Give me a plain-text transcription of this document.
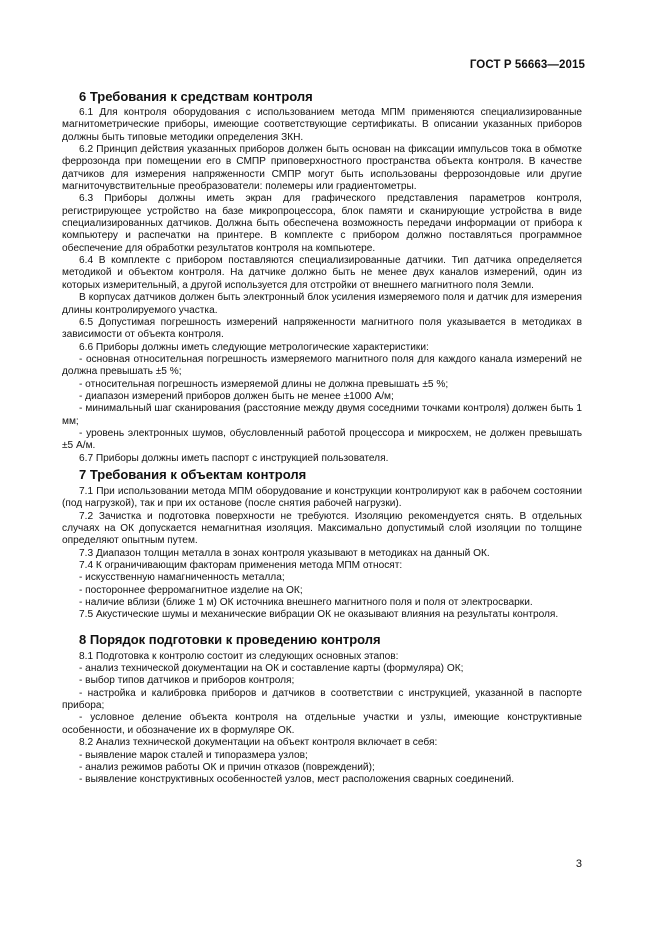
ГОСТ Р 56663—2015
6 Требования к средствам контроля

6.1 Для контроля оборудования с использованием метода МПМ применяются специализированные магнитометрические приборы, имеющие соответствующие сертификаты. В описании указанных приборов должны быть типовые методики определения ЗКН.

6.2 Принцип действия указанных приборов должен быть основан на фиксации импульсов тока в обмотке феррозонда при помещении его в СМПР приповерхностного пространства объекта контроля. В качестве датчиков для измерения напряженности СМПР могут быть использованы феррозондовые или другие магниточувствительные преобразователи: полемеры или градиентометры.

6.3 Приборы должны иметь экран для графического представления параметров контроля, регистрирующее устройство на базе микропроцессора, блок памяти и сканирующие устройства в виде специализированных датчиков. Должна быть обеспечена возможность передачи информации от прибора к компьютеру и распечатки на принтере. В комплекте с прибором должно поставляться программное обеспечение для обработки результатов контроля на компьютере.

6.4 В комплекте с прибором поставляются специализированные датчики. Тип датчика определяется методикой и объектом контроля. На датчике должно быть не менее двух каналов измерений, один из которых измерительный, а другой используется для отстройки от внешнего магнитного поля Земли.

В корпусах датчиков должен быть электронный блок усиления измеряемого поля и датчик для измерения длины контролируемого участка.

6.5 Допустимая погрешность измерений напряженности магнитного поля указывается в методиках в зависимости от объекта контроля.

6.6 Приборы должны иметь следующие метрологические характеристики:

- основная относительная погрешность измеряемого магнитного поля для каждого канала измерений не должна превышать ±5 %;

- относительная погрешность измеряемой длины не должна превышать ±5 %;

- диапазон измерений приборов должен быть не менее ±1000 А/м;

- минимальный шаг сканирования (расстояние между двумя соседними точками контроля) должен быть 1 мм;

- уровень электронных шумов, обусловленный работой процессора и микросхем, не должен превышать ±5 А/м.

6.7 Приборы должны иметь паспорт с инструкцией пользователя.

7 Требования к объектам контроля

7.1 При использовании метода МПМ оборудование и конструкции контролируют как в рабочем состоянии (под нагрузкой), так и при их останове (после снятия рабочей нагрузки).

7.2 Зачистка и подготовка поверхности не требуются. Изоляцию рекомендуется снять. В отдельных случаях на ОК допускается немагнитная изоляция. Максимально допустимый слой изоляции по толщине определяют опытным путем.

7.3 Диапазон толщин металла в зонах контроля указывают в методиках на данный ОК.

7.4 К ограничивающим факторам применения метода МПМ относят:

- искусственную намагниченность металла;

- постороннее ферромагнитное изделие на ОК;

- наличие вблизи (ближе 1 м) ОК источника внешнего магнитного поля и поля от электросварки.

7.5 Акустические шумы и механические вибрации ОК не оказывают влияния на результаты контроля.

8 Порядок подготовки к проведению контроля

8.1 Подготовка к контролю состоит из следующих основных этапов:

- анализ технической документации на ОК и составление карты (формуляра) ОК;

- выбор типов датчиков и приборов контроля;

- настройка и калибровка приборов и датчиков в соответствии с инструкцией, указанной в паспорте прибора;

- условное деление объекта контроля на отдельные участки и узлы, имеющие конструктивные особенности, и обозначение их в формуляре ОК.

8.2 Анализ технической документации на объект контроля включает в себя:

- выявление марок сталей и типоразмера узлов;

- анализ режимов работы ОК и причин отказов (повреждений);

- выявление конструктивных особенностей узлов, мест расположения сварных соединений.

3
